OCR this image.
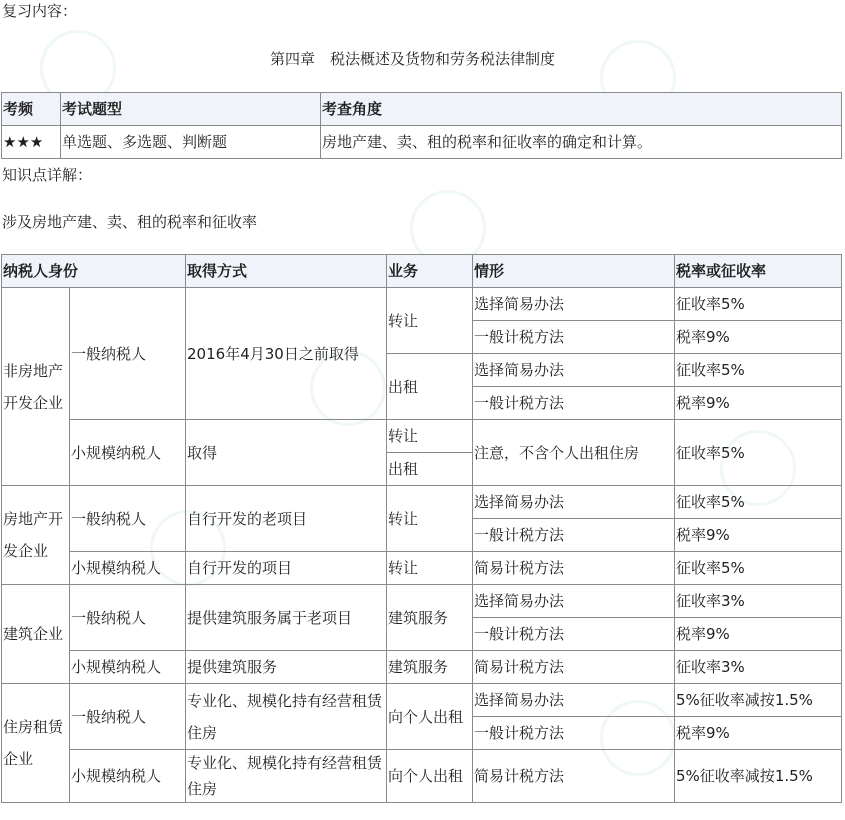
复习内容：
第四章　税法概述及货物和劳务税法律制度
考频	考试题型	考查角度
★★★	单选题、多选题、判断题	房地产建、卖、租的税率和征收率的确定和计算。
知识点详解：
涉及房地产建、卖、租的税率和征收率
纳税人身份		取得方式	业务	情形	税率或征收率
非房地产开发企业	一般纳税人	2016年4月30日之前取得	转让	选择简易办法	征收率5%
				一般计税方法	税率9%
			出租	选择简易办法	征收率5%
				一般计税方法	税率9%
	小规模纳税人	取得	转让	注意，不含个人出租住房	征收率5%
			出租		
房地产开发企业	一般纳税人	自行开发的老项目	转让	选择简易办法	征收率5%
				一般计税方法	税率9%
	小规模纳税人	自行开发的项目	转让	简易计税方法	征收率5%
建筑企业	一般纳税人	提供建筑服务属于老项目	建筑服务	选择简易办法	征收率3%
				一般计税方法	税率9%
	小规模纳税人	提供建筑服务	建筑服务	简易计税方法	征收率3%
住房租赁企业	一般纳税人	专业化、规模化持有经营租赁住房	向个人出租	选择简易办法	5%征收率减按1.5%
				一般计税方法	税率9%
	小规模纳税人	专业化、规模化持有经营租赁住房	向个人出租	简易计税方法	5%征收率减按1.5%
